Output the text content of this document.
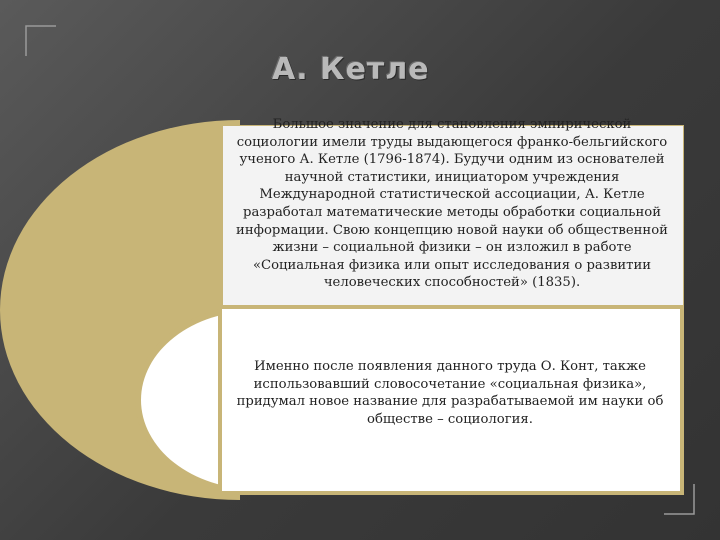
А. Кетле
Большое значение для становления эмпирической социологии имели труды выдающегося франко-бельгийского ученого А. Кетле (1796-1874). Будучи одним из основателей научной статистики, инициатором учреждения Международной статистической ассоциации, А. Кетле разработал математические методы обработки социальной информации. Свою концепцию новой науки об общественной жизни – социальной физики – он изложил в работе «Социальная физика или опыт исследования о развитии человеческих способностей» (1835).
Именно после появления данного труда О. Конт, также использовавший словосочетание «социальная физика», придумал новое название для разрабатываемой им науки об обществе – социология.
